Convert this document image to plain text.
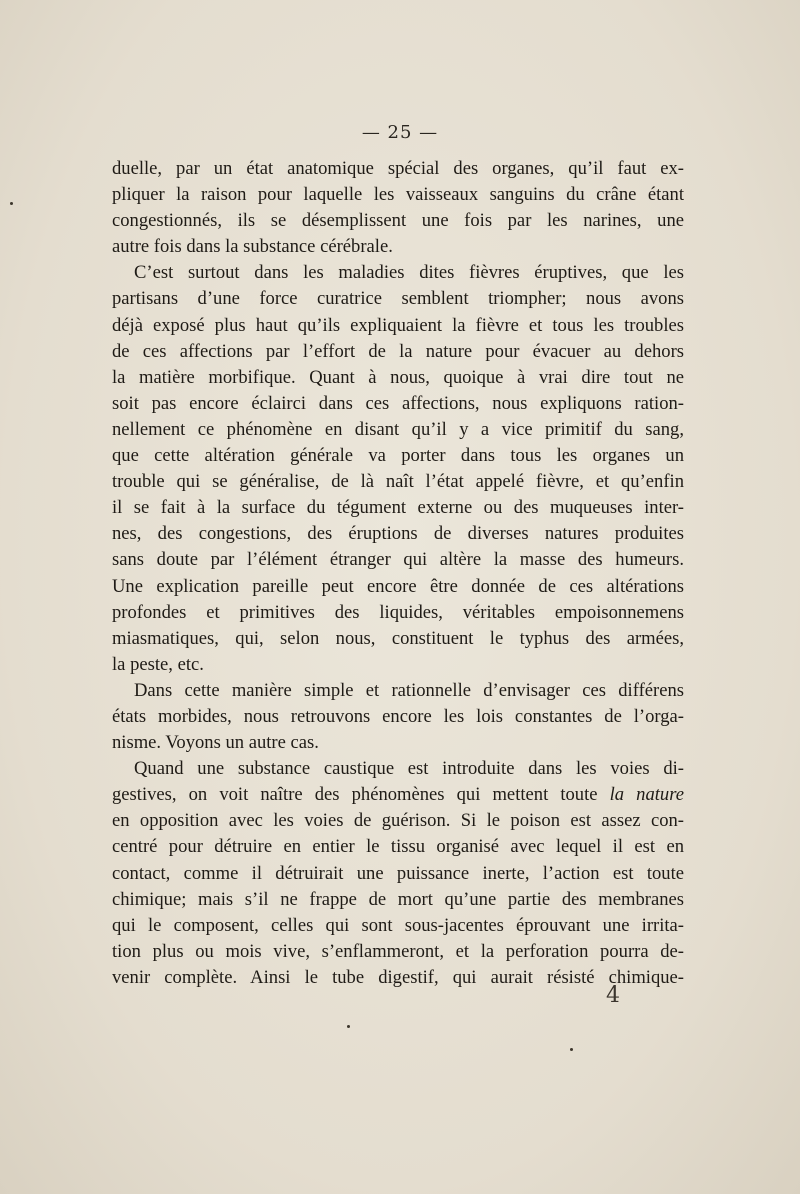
— 25 —
duelle, par un état anatomique spécial des organes, qu’il faut ex-
pliquer la raison pour laquelle les vaisseaux sanguins du crâne étant
congestionnés, ils se désemplissent une fois par les narines, une
autre fois dans la substance cérébrale.
C’est surtout dans les maladies dites fièvres éruptives, que les
partisans d’une force curatrice semblent triompher; nous avons
déjà exposé plus haut qu’ils expliquaient la fièvre et tous les troubles
de ces affections par l’effort de la nature pour évacuer au dehors
la matière morbifique. Quant à nous, quoique à vrai dire tout ne
soit pas encore éclairci dans ces affections, nous expliquons ration-
nellement ce phénomène en disant qu’il y a vice primitif du sang,
que cette altération générale va porter dans tous les organes un
trouble qui se généralise, de là naît l’état appelé fièvre, et qu’enfin
il se fait à la surface du tégument externe ou des muqueuses inter-
nes, des congestions, des éruptions de diverses natures produites
sans doute par l’élément étranger qui altère la masse des humeurs.
Une explication pareille peut encore être donnée de ces altérations
profondes et primitives des liquides, véritables empoisonnemens
miasmatiques, qui, selon nous, constituent le typhus des armées,
la peste, etc.
Dans cette manière simple et rationnelle d’envisager ces différens
états morbides, nous retrouvons encore les lois constantes de l’orga-
nisme. Voyons un autre cas.
Quand une substance caustique est introduite dans les voies di-
gestives, on voit naître des phénomènes qui mettent toute la nature
en opposition avec les voies de guérison. Si le poison est assez con-
centré pour détruire en entier le tissu organisé avec lequel il est en
contact, comme il détruirait une puissance inerte, l’action est toute
chimique; mais s’il ne frappe de mort qu’une partie des membranes
qui le composent, celles qui sont sous-jacentes éprouvant une irrita-
tion plus ou mois vive, s’enflammeront, et la perforation pourra de-
venir complète. Ainsi le tube digestif, qui aurait résisté chimique-
4
